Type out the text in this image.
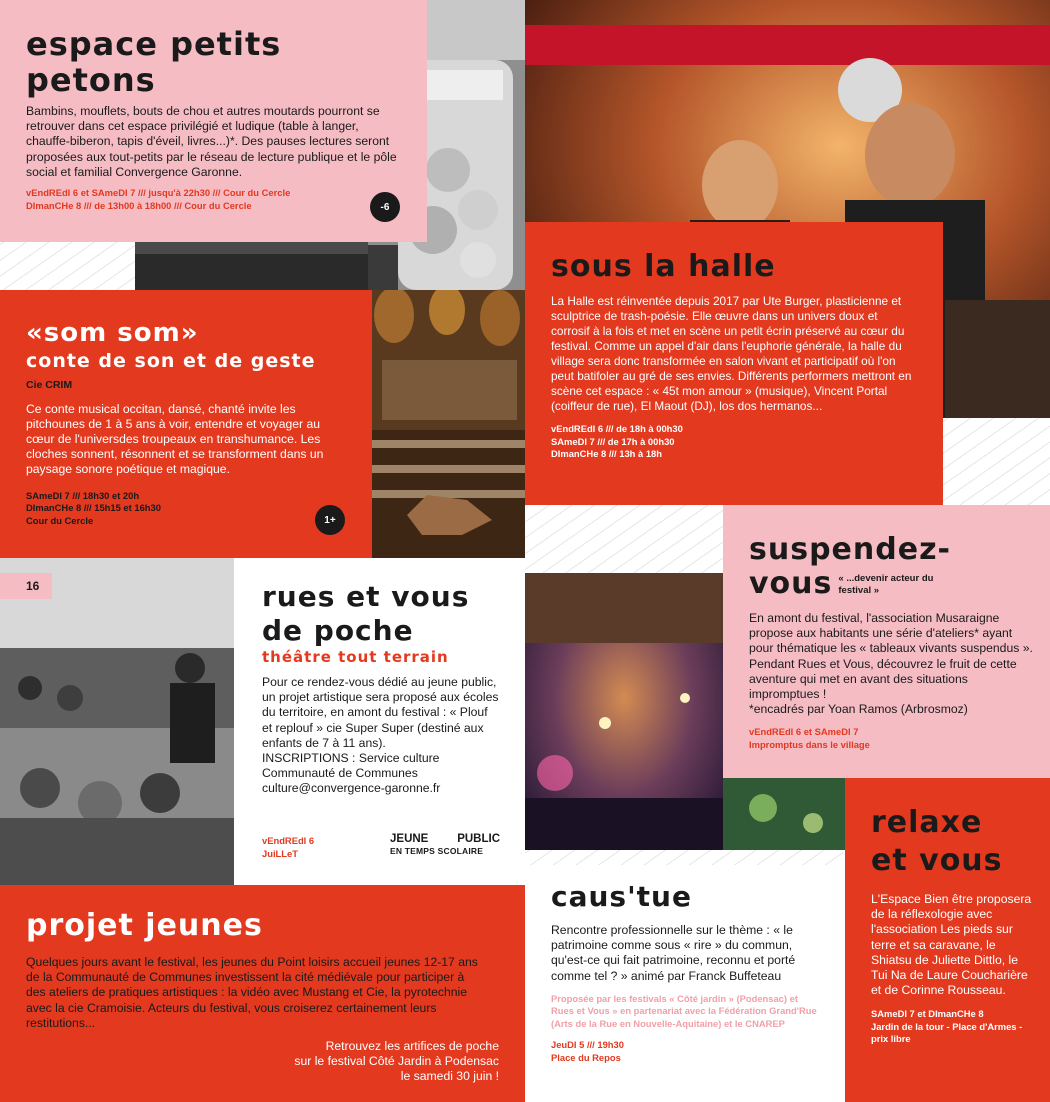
espace petits petons

Bambins, mouflets, bouts de chou et autres moutards pourront se retrouver dans cet espace privilégié et ludique (table à langer, chauffe-biberon, tapis d'éveil, livres...)*. Des pauses lectures seront proposées aux tout-petits par le réseau de lecture publique et le pôle social et familial Convergence Garonne.

vEndREdI 6 et SAmeDI 7 /// jusqu'à 22h30 /// Cour du Cercle

DImanCHe 8 /// de 13h00 à 18h00 /// Cour du Cercle	-6
sous la halle

La Halle est réinventée depuis 2017 par Ute Burger, plasticienne et sculptrice de trash-poésie. Elle œuvre dans un univers doux et corrosif à la fois et met en scène un petit écrin préservé au cœur du festival. Comme un appel d'air dans l'euphorie générale, la halle du village sera donc transformée en salon vivant et participatif où l'on peut batifoler au gré de ses envies. Différents performers mettront en scène cet espace : « 45t mon amour » (musique), Vincent Portal (coiffeur de rue), El Maout (DJ), los dos hermanos...

vEndREdI 6 /// de 18h à 00h30

SAmeDI 7 /// de 17h à 00h30

DImanCHe 8 /// 13h à 18h

«som som»
conte de son et de geste

Cie CRIM

Ce conte musical occitan, dansé, chanté invite les pitchounes de 1 à 5 ans à voir, entendre et voyager au cœur de l'universdes troupeaux en transhumance. Les cloches sonnent, résonnent et se transforment dans un paysage sonore poétique et magique.

SAmeDI 7 /// 18h30 et 20h

DImanCHe 8 /// 15h15 et 16h30

Cour du Cercle	1+
16	rues et vous
de poche
théâtre tout terrain

Pour ce rendez-vous dédié au jeune public, un projet artistique sera proposé aux écoles du territoire, en amont du festival : « Plouf et replouf » cie Super Super (destiné aux enfants de 7 à 11 ans).

INSCRIPTIONS : Service culture Communauté de Communes culture@convergence-garonne.fr

vEndREdI 6

JuiLLeT

JEUNE	PUBLIC
EN TEMPS SCOLAIRE
suspendez-
vous « ...devenir acteur du festival »

En amont du festival, l'association Musaraigne propose aux habitants une série d'ateliers* ayant pour thématique les « tableaux vivants suspendus ». Pendant Rues et Vous, découvrez le fruit de cette aventure qui met en avant des situations impromptues !

*encadrés par Yoan Ramos (Arbrosmoz)

vEndREdI 6 et SAmeDI 7

Impromptus dans le village

projet jeunes

Quelques jours avant le festival, les jeunes du Point loisirs accueil jeunes 12-17 ans de la Communauté de Communes investissent la cité médiévale pour participer à des ateliers de pratiques artistiques : la vidéo avec Mustang et Cie, la pyrotechnie avec la cie Cramoisie. Acteurs du festival, vous croiserez certainement leurs restitutions...

Retrouvez les artifices de poche

sur le festival Côté Jardin à Podensac

le samedi 30 juin !

caus'tue

Rencontre professionnelle sur le thème : « le patrimoine comme sous « rire » du commun, qu'est-ce qui fait patrimoine, reconnu et porté comme tel ? » animé par Franck Buffeteau

Proposée par les festivals « Côté jardin » (Podensac) et Rues et Vous » en partenariat avec la Fédération Grand'Rue (Arts de la Rue en Nouvelle-Aquitaine) et le CNAREP

JeuDI 5 /// 19h30

Place du Repos

relaxe
et vous

L'Espace Bien être proposera de la réflexologie avec l'association Les pieds sur terre et sa caravane, le Shiatsu de Juliette Dittlo, le Tui Na de Laure Coucharière et de Corinne Rousseau.

SAmeDI 7 et DImanCHe 8

Jardin de la tour - Place d'Armes - prix libre
